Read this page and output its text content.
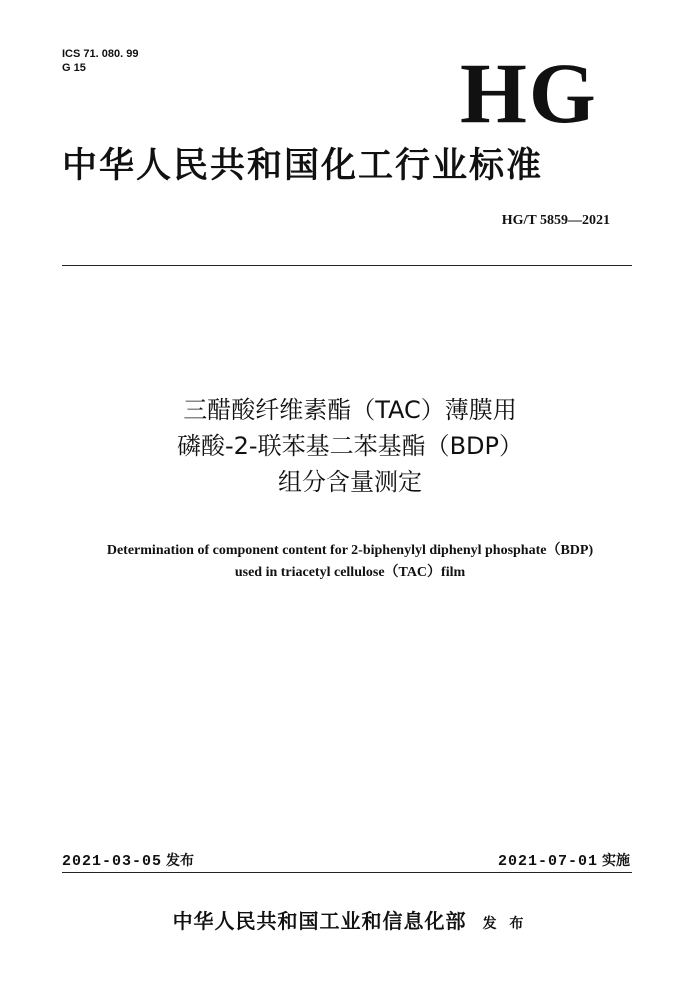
ICS 71. 080. 99
G 15	HG
中华人民共和国化工行业标准
HG/T 5859—2021
三醋酸纤维素酯（TAC）薄膜用
磷酸-2-联苯基二苯基酯（BDP）
组分含量测定
Determination of component content for 2-biphenylyl diphenyl phosphate（BDP)
used in triacetyl cellulose（TAC）film
2021-03-05 发布	2021-07-01 实施
中华人民共和国工业和信息化部 发 布
